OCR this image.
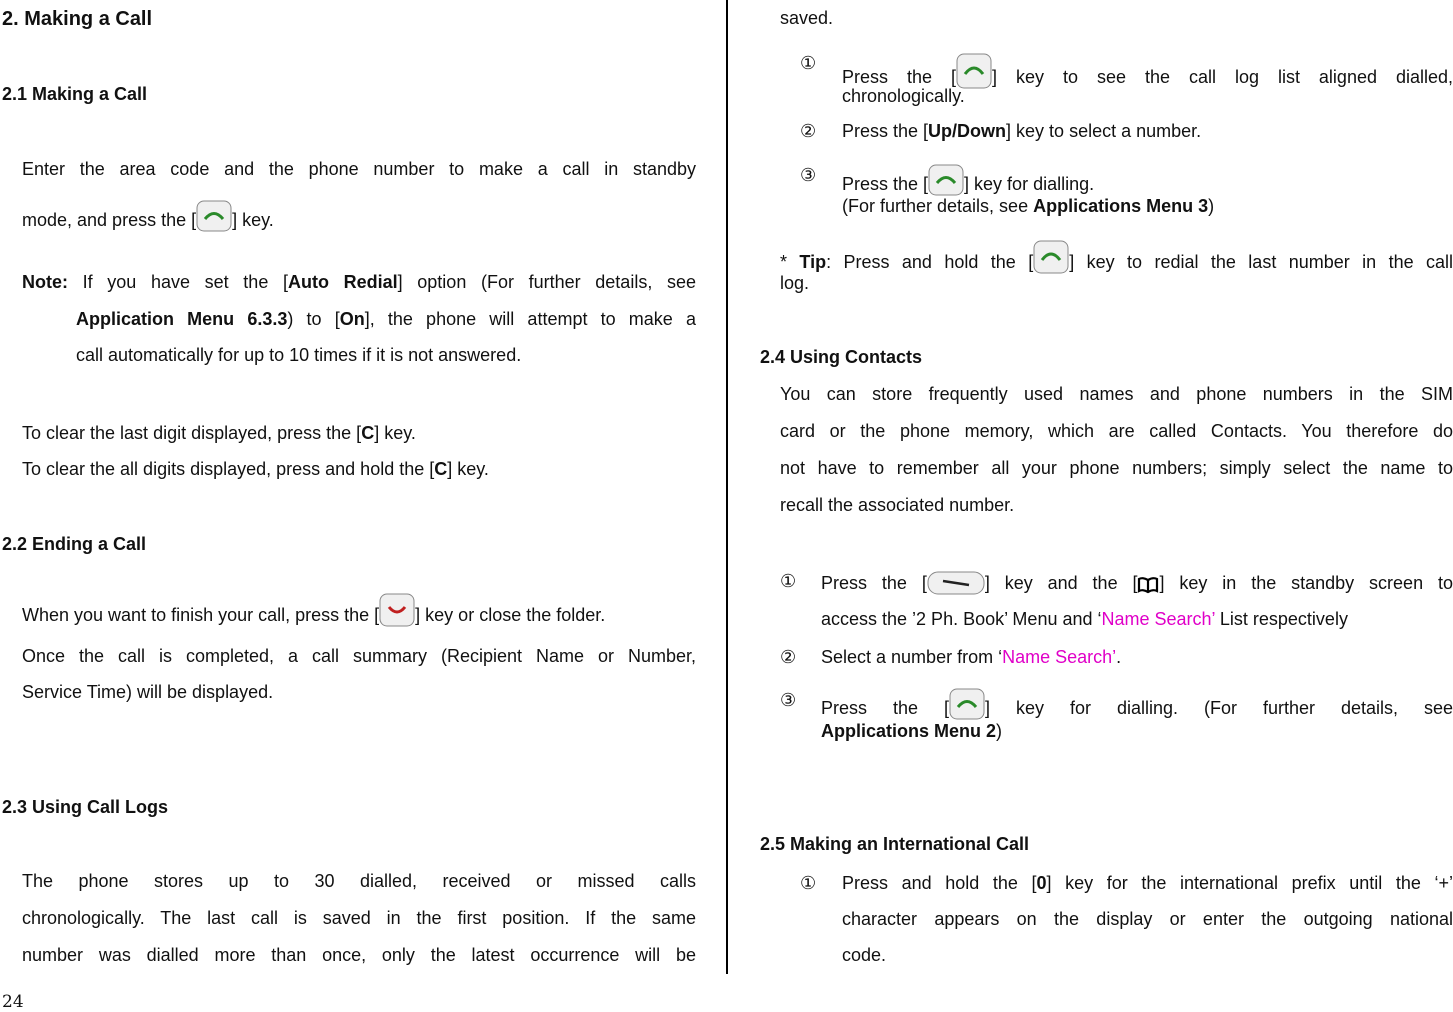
2. Making a Call
2.1 Making a Call
Enter the area code and the phone number to make a call in standby
mode, and press the [ ] key.
Note: If you have set the [Auto Redial] option (For further details, see
Application Menu 6.3.3) to [On], the phone will attempt to make a
call automatically for up to 10 times if it is not answered.
To clear the last digit displayed, press the [C] key.
To clear the all digits displayed, press and hold the [C] key.
2.2 Ending a Call
When you want to finish your call, press the [ ] key or close the folder.
Once the call is completed, a call summary (Recipient Name or Number,
Service Time) will be displayed.
2.3 Using Call Logs
The phone stores up to 30 dialled, received or missed calls
chronologically. The last call is saved in the first position. If the same
number was dialled more than once, only the latest occurrence will be
24
saved.
①
Press the [ ] key to see the call log list aligned dialled,
chronologically.
② Press the [Up/Down] key to select a number.
③ Press the [ ] key for dialling.
(For further details, see Applications Menu 3)
* Tip: Press and hold the [ ] key to redial the last number in the call
log.
2.4 Using Contacts
You can store frequently used names and phone numbers in the SIM
card or the phone memory, which are called Contacts. You therefore do
not have to remember all your phone numbers; simply select the name to
recall the associated number.
① Press the [	] key and the [ ] key in the standby screen to
access the ’2 Ph. Book’ Menu and ‘Name Search’ List respectively
② Select a number from ‘Name Search’.
③ Press the [ ] key for dialling. (For further details, see
Applications Menu 2)
2.5 Making an International Call
① Press and hold the [0] key for the international prefix until the ‘+’
character appears on the display or enter the outgoing national
code.
